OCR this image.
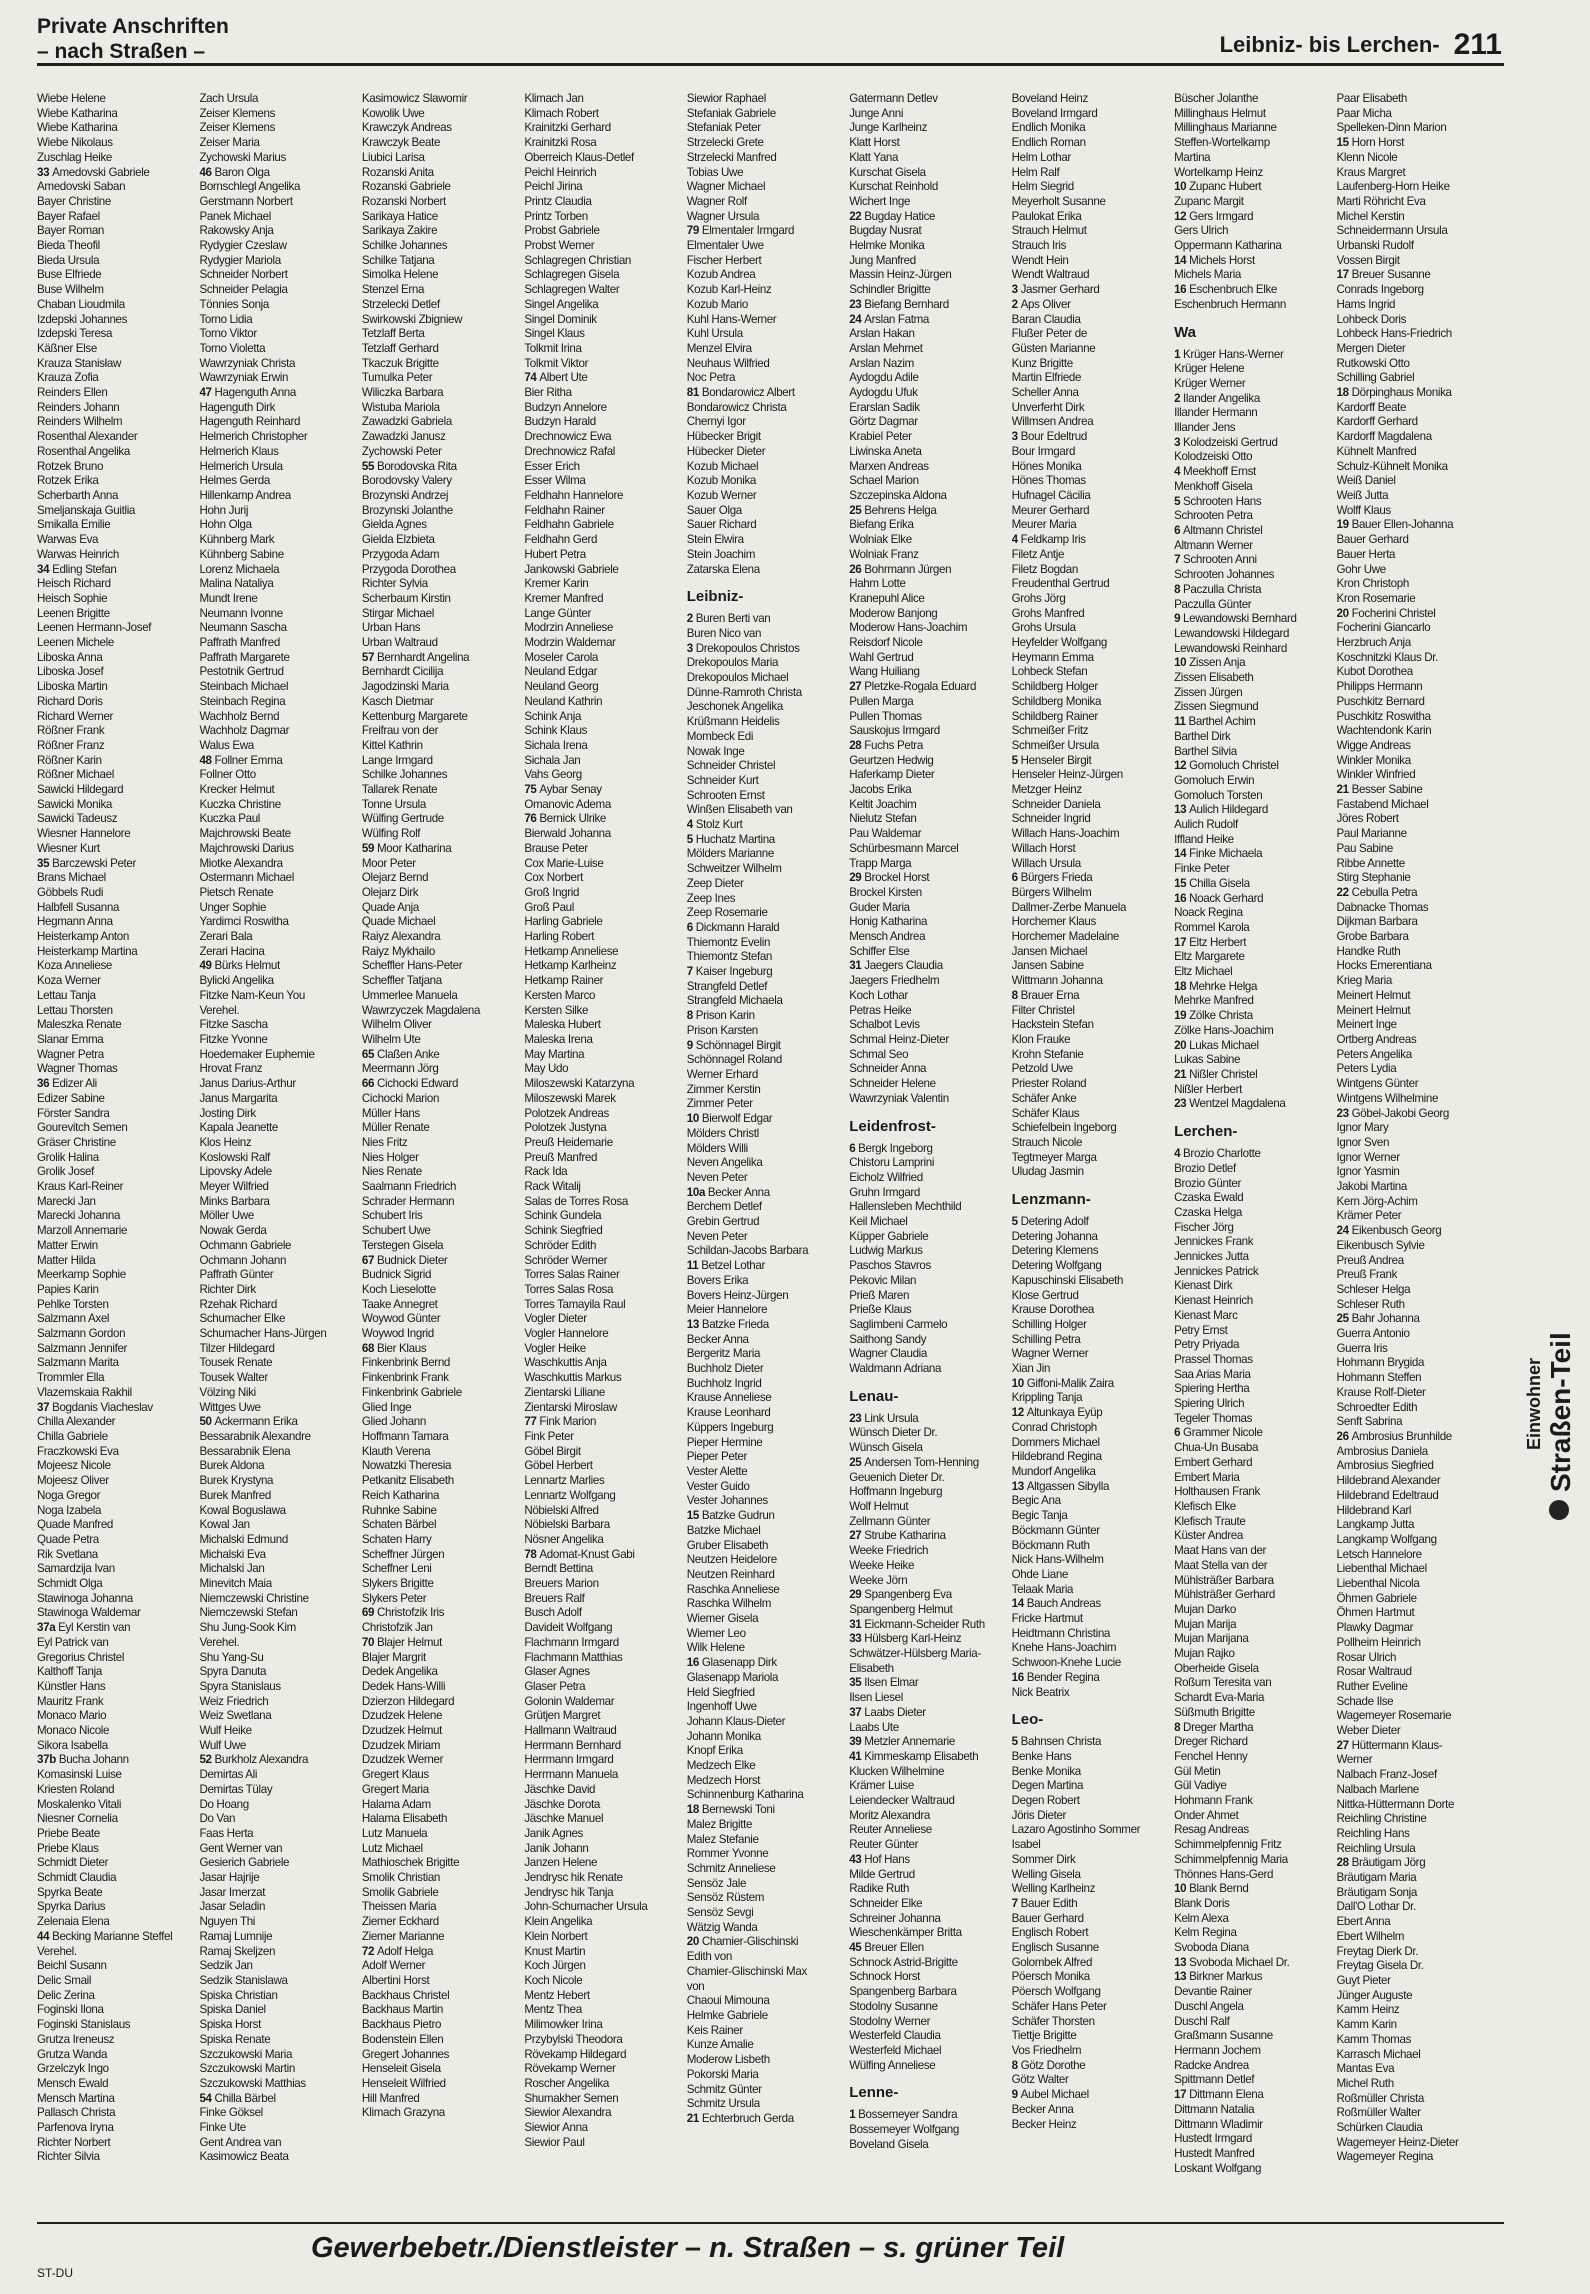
Private Anschriften
– nach Straßen –	Leibniz- bis Lerchen- 211
Wiebe Helene
Wiebe Katharina
Wiebe Katharina
Wiebe Nikolaus
Zuschlag Heike
33 Amedovski Gabriele
Amedovski Saban
Bayer Christine
Bayer Rafael
Bayer Roman
Bieda Theofil
Bieda Ursula
Buse Elfriede
Buse Wilhelm
Chaban Lioudmila
Izdepski Johannes
Izdepski Teresa
Käßner Else
Krauza Stanisław
Krauza Zofia
Reinders Ellen
Reinders Johann
Reinders Wilhelm
Rosenthal Alexander
Rosenthal Angelika
Rotzek Bruno
Rotzek Erika
Scherbarth Anna
Smeljanskaja Guitlia
Smikalla Emilie
Warwas Eva
Warwas Heinrich
34 Edling Stefan
Heisch Richard
Heisch Sophie
Leenen Brigitte
Leenen Hermann-Josef
Leenen Michele
Liboska Anna
Liboska Josef
Liboska Martin
Richard Doris
Richard Werner
Rößner Frank
Rößner Franz
Rößner Karin
Rößner Michael
Sawicki Hildegard
Sawicki Monika
Sawicki Tadeusz
Wiesner Hannelore
Wiesner Kurt
35 Barczewski Peter
Brans Michael
Göbbels Rudi
Halbfell Susanna
Hegmann Anna
Heisterkamp Anton
Heisterkamp Martina
Koza Anneliese
Koza Werner
Lettau Tanja
Lettau Thorsten
Maleszka Renate
Slanar Emma
Wagner Petra
Wagner Thomas
36 Edizer Ali
Edizer Sabine
Förster Sandra
Gourevitch Semen
Gräser Christine
Grolik Halina
Grolik Josef
Kraus Karl-Reiner
Marecki Jan
Marecki Johanna
Marzoll Annemarie
Matter Erwin
Matter Hilda
Meerkamp Sophie
Papies Karin
Pehlke Torsten
Salzmann Axel
Salzmann Gordon
Salzmann Jennifer
Salzmann Marita
Trommler Ella
Vlazemskaia Rakhil
37 Bogdanis Viacheslav
Chilla Alexander
Chilla Gabriele
Fraczkowski Eva
Mojeesz Nicole
Mojeesz Oliver
Noga Gregor
Noga Izabela
Quade Manfred
Quade Petra
Rik Svetlana
Samardzija Ivan
Schmidt Olga
Stawinoga Johanna
Stawinoga Waldemar
37a Eyl Kerstin van
Eyl Patrick van
Gregorius Christel
Kalthoff Tanja
Künstler Hans
Mauritz Frank
Monaco Mario
Monaco Nicole
Sikora Isabella
37b Bucha Johann
Komasinski Luise
Kriesten Roland
Moskalenko Vitali
Niesner Cornelia
Priebe Beate
Priebe Klaus
Schmidt Dieter
Schmidt Claudia
Spyrka Beate
Spyrka Darius
Zelenaia Elena
44 Becking Marianne Steffel
Verehel.
Beichl Susann
Delic Smail
Delic Zerina
Foginski Ilona
Foginski Stanislaus
Grutza Ireneusz
Grutza Wanda
Grzelczyk Ingo
Mensch Ewald
Mensch Martina
Pallasch Christa
Parfenova Iryna
Richter Norbert
Richter Silvia
Zach Ursula
Zeiser Klemens
Zeiser Klemens
Zeiser Maria
Zychowski Marius
46 Baron Olga
Bornschlegl Angelika
Gerstmann Norbert
Panek Michael
Rakowsky Anja
Rydygier Czeslaw
Rydygier Mariola
Schneider Norbert
Schneider Pelagia
Tönnies Sonja
Torno Lidia
Torno Viktor
Torno Violetta
Wawrzyniak Christa
Wawrzyniak Erwin
47 Hagenguth Anna
Hagenguth Dirk
Hagenguth Reinhard
Helmerich Christopher
Helmerich Klaus
Helmerich Ursula
Helmes Gerda
Hillenkamp Andrea
Hohn Jurij
Hohn Olga
Kühnberg Mark
Kühnberg Sabine
Lorenz Michaela
Malina Nataliya
Mundt Irene
Neumann Ivonne
Neumann Sascha
Paffrath Manfred
Paffrath Margarete
Pestotnik Gertrud
Steinbach Michael
Steinbach Regina
Wachholz Bernd
Wachholz Dagmar
Walus Ewa
48 Follner Emma
Follner Otto
Krecker Helmut
Kuczka Christine
Kuczka Paul
Majchrowski Beate
Majchrowski Darius
Miotke Alexandra
Ostermann Michael
Pietsch Renate
Unger Sophie
Yardimci Roswitha
Zerari Bala
Zerari Hacina
49 Bürks Helmut
Bylicki Angelika
Fitzke Nam-Keun You
Verehel.
Fitzke Sascha
Fitzke Yvonne
Hoedemaker Euphemie
Hrovat Franz
Janus Darius-Arthur
Janus Margarita
Josting Dirk
Kapala Jeanette
Klos Heinz
Koslowski Ralf
Lipovsky Adele
Meyer Wilfried
Minks Barbara
Möller Uwe
Nowak Gerda
Ochmann Gabriele
Ochmann Johann
Paffrath Günter
Richter Dirk
Rzehak Richard
Schumacher Elke
Schumacher Hans-Jürgen
Tilzer Hildegard
Tousek Renate
Tousek Walter
Völzing Niki
Wittges Uwe
50 Ackermann Erika
Bessarabnik Alexandre
Bessarabnik Elena
Burek Aldona
Burek Krystyna
Burek Manfred
Kowal Boguslawa
Kowal Jan
Michalski Edmund
Michalski Eva
Michalski Jan
Minevitch Maia
Niemczewski Christine
Niemczewski Stefan
Shu Jung-Sook Kim
Verehel.
Shu Yang-Su
Spyra Danuta
Spyra Stanislaus
Weiz Friedrich
Weiz Swetlana
Wulf Heike
Wulf Uwe
52 Burkholz Alexandra
Demirtas Ali
Demirtas Tülay
Do Hoang
Do Van
Faas Herta
Gent Werner van
Gesierich Gabriele
Jasar Hajrije
Jasar Imerzat
Jasar Seladin
Nguyen Thi
Ramaj Lumnije
Ramaj Skeljzen
Sedzik Jan
Sedzik Stanislawa
Spiska Christian
Spiska Daniel
Spiska Horst
Spiska Renate
Szczukowski Maria
Szczukowski Martin
Szczukowski Matthias
54 Chilla Bärbel
Finke Göksel
Finke Ute
Gent Andrea van
Kasimowicz Beata
Kasimowicz Slawomir
Kowolik Uwe
Krawczyk Andreas
Krawczyk Beate
Liubici Larisa
Rozanski Anita
Rozanski Gabriele
Rozanski Norbert
Sarikaya Hatice
Sarikaya Zakire
Schilke Johannes
Schilke Tatjana
Simolka Helene
Stenzel Erna
Strzelecki Detlef
Swirkowski Zbigniew
Tetzlaff Berta
Tetzlaff Gerhard
Tkaczuk Brigitte
Tumulka Peter
Wiliczka Barbara
Wistuba Mariola
Zawadzki Gabriela
Zawadzki Janusz
Zychowski Peter
55 Borodovska Rita
Borodovsky Valery
Brozynski Andrzej
Brozynski Jolanthe
Gielda Agnes
Gielda Elzbieta
Przygoda Adam
Przygoda Dorothea
Richter Sylvia
Scherbaum Kirstin
Stirgar Michael
Urban Hans
Urban Waltraud
57 Bernhardt Angelina
Bernhardt Cicilija
Jagodzinski Maria
Kasch Dietmar
Kettenburg Margarete
Freifrau von der
Kittel Kathrin
Lange Irmgard
Schilke Johannes
Tallarek Renate
Tonne Ursula
Wülfing Gertrude
Wülfing Rolf
59 Moor Katharina
Moor Peter
Olejarz Bernd
Olejarz Dirk
Quade Anja
Quade Michael
Raiyz Alexandra
Raiyz Mykhailo
Scheffler Hans-Peter
Scheffler Tatjana
Ummerlee Manuela
Wawrzyczek Magdalena
Wilhelm Oliver
Wilhelm Ute
65 Claßen Anke
Meermann Jörg
66 Cichocki Edward
Cichocki Marion
Müller Hans
Müller Renate
Nies Fritz
Nies Holger
Nies Renate
Saalmann Friedrich
Schrader Hermann
Schubert Iris
Schubert Uwe
Terstegen Gisela
67 Budnick Dieter
Budnick Sigrid
Koch Lieselotte
Taake Annegret
Woywod Günter
Woywod Ingrid
68 Bier Klaus
Finkenbrink Bernd
Finkenbrink Frank
Finkenbrink Gabriele
Glied Inge
Glied Johann
Hoffmann Tamara
Klauth Verena
Nowatzki Theresia
Petkanitz Elisabeth
Reich Katharina
Ruhnke Sabine
Schaten Bärbel
Schaten Harry
Scheffner Jürgen
Scheffner Leni
Slykers Brigitte
Slykers Peter
69 Christofzik Iris
Christofzik Jan
70 Blajer Helmut
Blajer Margrit
Dedek Angelika
Dedek Hans-Willi
Dzierzon Hildegard
Dzudzek Helene
Dzudzek Helmut
Dzudzek Miriam
Dzudzek Werner
Gregert Klaus
Gregert Maria
Halama Adam
Halama Elisabeth
Lutz Manuela
Lutz Michael
Mathioschek Brigitte
Smolik Christian
Smolik Gabriele
Theissen Maria
Ziemer Eckhard
Ziemer Marianne
72 Adolf Helga
Adolf Werner
Albertini Horst
Backhaus Christel
Backhaus Martin
Backhaus Pietro
Bodenstein Ellen
Gregert Johannes
Henseleit Gisela
Henseleit Wilfried
Hill Manfred
Klimach Grazyna
Klimach Jan
Klimach Robert
Krainitzki Gerhard
Krainitzki Rosa
Oberreich Klaus-Detlef
Peichl Heinrich
Peichl Jirina
Printz Claudia
Printz Torben
Probst Gabriele
Probst Werner
Schlagregen Christian
Schlagregen Gisela
Schlagregen Walter
Singel Angelika
Singel Dominik
Singel Klaus
Tolkmit Irina
Tolkmit Viktor
74 Albert Ute
Bier Ritha
Budzyn Annelore
Budzyn Harald
Drechnowicz Ewa
Drechnowicz Rafal
Esser Erich
Esser Wilma
Feldhahn Hannelore
Feldhahn Rainer
Feldhahn Gabriele
Feldhahn Gerd
Hubert Petra
Jankowski Gabriele
Kremer Karin
Kremer Manfred
Lange Günter
Modrzin Anneliese
Modrzin Waldemar
Moseler Carola
Neuland Edgar
Neuland Georg
Neuland Kathrin
Schink Anja
Schink Klaus
Sichala Irena
Sichala Jan
Vahs Georg
75 Aybar Senay
Omanovic Adema
76 Bernick Ulrike
Bierwald Johanna
Brause Peter
Cox Marie-Luise
Cox Norbert
Groß Ingrid
Groß Paul
Harling Gabriele
Harling Robert
Hetkamp Anneliese
Hetkamp Karlheinz
Hetkamp Rainer
Kersten Marco
Kersten Silke
Maleska Hubert
Maleska Irena
May Martina
May Udo
Miloszewski Katarzyna
Miloszewski Marek
Polotzek Andreas
Polotzek Justyna
Preuß Heidemarie
Preuß Manfred
Rack Ida
Rack Witalij
Salas de Torres Rosa
Schink Gundela
Schink Siegfried
Schröder Edith
Schröder Werner
Torres Salas Rainer
Torres Salas Rosa
Torres Tamayila Raul
Vogler Dieter
Vogler Hannelore
Vogler Heike
Waschkuttis Anja
Waschkuttis Markus
Zientarski Liliane
Zientarski Miroslaw
77 Fink Marion
Fink Peter
Göbel Birgit
Göbel Herbert
Lennartz Marlies
Lennartz Wolfgang
Nöbielski Alfred
Nöbielski Barbara
Nösner Angelika
78 Adomat-Knust Gabi
Berndt Bettina
Breuers Marion
Breuers Ralf
Busch Adolf
Davideit Wolfgang
Flachmann Irmgard
Flachmann Matthias
Glaser Agnes
Glaser Petra
Golonin Waldemar
Grütjen Margret
Hallmann Waltraud
Herrmann Bernhard
Herrmann Irmgard
Herrmann Manuela
Jäschke David
Jäschke Dorota
Jäschke Manuel
Janik Agnes
Janik Johann
Janzen Helene
Jendrysc hik Renate
Jendrysc hik Tanja
John-Schumacher Ursula
Klein Angelika
Klein Norbert
Knust Martin
Koch Jürgen
Koch Nicole
Mentz Hebert
Mentz Thea
Milimowker Irina
Przybylski Theodora
Rövekamp Hildegard
Rövekamp Werner
Roscher Angelika
Shumakher Semen
Siewior Alexandra
Siewior Anna
Siewior Paul
Siewior Raphael
Stefaniak Gabriele
Stefaniak Peter
Strzelecki Grete
Strzelecki Manfred
Tobias Uwe
Wagner Michael
Wagner Rolf
Wagner Ursula
79 Elmentaler Irmgard
Elmentaler Uwe
Fischer Herbert
Kozub Andrea
Kozub Karl-Heinz
Kozub Mario
Kuhl Hans-Werner
Kuhl Ursula
Menzel Elvira
Neuhaus Wilfried
Noc Petra
81 Bondarowicz Albert
Bondarowicz Christa
Chernyi Igor
Hübecker Brigit
Hübecker Dieter
Kozub Michael
Kozub Monika
Kozub Werner
Sauer Olga
Sauer Richard
Stein Elwira
Stein Joachim
Zatarska Elena
Leibniz-
2 Buren Berti van
Buren Nico van
3 Drekopoulos Christos
Drekopoulos Maria
Drekopoulos Michael
Dünne-Ramroth Christa
Jeschonek Angelika
Krüßmann Heidelis
Mombeck Edi
Nowak Inge
Schneider Christel
Schneider Kurt
Schrooten Ernst
Winßen Elisabeth van
4 Stolz Kurt
5 Huchatz Martina
Mölders Marianne
Schweitzer Wilhelm
Zeep Dieter
Zeep Ines
Zeep Rosemarie
6 Dickmann Harald
Thiemontz Evelin
Thiemontz Stefan
7 Kaiser Ingeburg
Strangfeld Detlef
Strangfeld Michaela
8 Prison Karin
Prison Karsten
9 Schönnagel Birgit
Schönnagel Roland
Werner Erhard
Zimmer Kerstin
Zimmer Peter
10 Bierwolf Edgar
Mölders Christl
Mölders Willi
Neven Angelika
Neven Peter
10a Becker Anna
Berchem Detlef
Grebin Gertrud
Neven Peter
Schildan-Jacobs Barbara
11 Betzel Lothar
Bovers Erika
Bovers Heinz-Jürgen
Meier Hannelore
13 Batzke Frieda
Becker Anna
Bergeritz Maria
Buchholz Dieter
Buchholz Ingrid
Krause Anneliese
Krause Leonhard
Küppers Ingeburg
Pieper Hermine
Pieper Peter
Vester Alette
Vester Guido
Vester Johannes
15 Batzke Gudrun
Batzke Michael
Gruber Elisabeth
Neutzen Heidelore
Neutzen Reinhard
Raschka Anneliese
Raschka Wilhelm
Wiemer Gisela
Wiemer Leo
Wilk Helene
16 Glasenapp Dirk
Glasenapp Mariola
Held Siegfried
Ingenhoff Uwe
Johann Klaus-Dieter
Johann Monika
Knopf Erika
Medzech Elke
Medzech Horst
Schinnenburg Katharina
18 Bernewski Toni
Malez Brigitte
Malez Stefanie
Rommer Yvonne
Schmitz Anneliese
Sensöz Jale
Sensöz Rüstem
Sensöz Sevgi
Wätzig Wanda
20 Chamier-Glischinski
Edith von
Chamier-Glischinski Max
von
Chaoui Mimouna
Helmke Gabriele
Keis Rainer
Kunze Amalie
Moderow Lisbeth
Pokorski Maria
Schmitz Günter
Schmitz Ursula
21 Echterbruch Gerda
Gatermann Detlev
Junge Anni
Junge Karlheinz
Klatt Horst
Klatt Yana
Kurschat Gisela
Kurschat Reinhold
Wichert Inge
22 Bugday Hatice
Bugday Nusrat
Helmke Monika
Jung Manfred
Massin Heinz-Jürgen
Schindler Brigitte
23 Biefang Bernhard
24 Arslan Fatma
Arslan Hakan
Arslan Mehmet
Arslan Nazim
Aydogdu Adile
Aydogdu Ufuk
Erarslan Sadik
Görtz Dagmar
Krabiel Peter
Liwinska Aneta
Marxen Andreas
Schael Marion
Szczepinska Aldona
25 Behrens Helga
Biefang Erika
Wolniak Elke
Wolniak Franz
26 Bohrmann Jürgen
Hahm Lotte
Kranepuhl Alice
Moderow Banjong
Moderow Hans-Joachim
Reisdorf Nicole
Wahl Gertrud
Wang Huiliang
27 Pletzke-Rogala Eduard
Pullen Marga
Pullen Thomas
Sauskojus Irmgard
28 Fuchs Petra
Geurtzen Hedwig
Haferkamp Dieter
Jacobs Erika
Keltit Joachim
Nielutz Stefan
Pau Waldemar
Schürbesmann Marcel
Trapp Marga
29 Brockel Horst
Brockel Kirsten
Guder Maria
Honig Katharina
Mensch Andrea
Schiffer Else
31 Jaegers Claudia
Jaegers Friedhelm
Koch Lothar
Petras Heike
Schalbot Levis
Schmal Heinz-Dieter
Schmal Seo
Schneider Anna
Schneider Helene
Wawrzyniak Valentin
Leidenfrost-
6 Bergk Ingeborg
Chistoru Lamprini
Eicholz Wilfried
Gruhn Irmgard
Hallensleben Mechthild
Keil Michael
Küpper Gabriele
Ludwig Markus
Paschos Stavros
Pekovic Milan
Prieß Maren
Prieße Klaus
Saglimbeni Carmelo
Saithong Sandy
Wagner Claudia
Waldmann Adriana
Lenau-
23 Link Ursula
Wünsch Dieter Dr.
Wünsch Gisela
25 Andersen Tom-Henning
Geuenich Dieter Dr.
Hoffmann Ingeburg
Wolf Helmut
Zellmann Günter
27 Strube Katharina
Weeke Friedrich
Weeke Heike
Weeke Jörn
29 Spangenberg Eva
Spangenberg Helmut
31 Eickmann-Scheider Ruth
33 Hülsberg Karl-Heinz
Schwätzer-Hülsberg Maria-
Elisabeth
35 Ilsen Elmar
Ilsen Liesel
37 Laabs Dieter
Laabs Ute
39 Metzler Annemarie
41 Kimmeskamp Elisabeth
Klucken Wilhelmine
Krämer Luise
Leiendecker Waltraud
Moritz Alexandra
Reuter Anneliese
Reuter Günter
43 Hof Hans
Milde Gertrud
Radike Ruth
Schneider Elke
Schreiner Johanna
Wieschenkämper Britta
45 Breuer Ellen
Schnock Astrid-Brigitte
Schnock Horst
Spangenberg Barbara
Stodolny Susanne
Stodolny Werner
Westerfeld Claudia
Westerfeld Michael
Wülfing Anneliese
Lenne-
1 Bossemeyer Sandra
Bossemeyer Wolfgang
Boveland Gisela
Boveland Heinz
Boveland Irmgard
Endlich Monika
Endlich Roman
Helm Lothar
Helm Ralf
Helm Siegrid
Meyerholt Susanne
Paulokat Erika
Strauch Helmut
Strauch Iris
Wendt Hein
Wendt Waltraud
3 Jasmer Gerhard
2 Aps Oliver
Baran Claudia
Flußer Peter de
Güsten Marianne
Kunz Brigitte
Martin Elfriede
Scheller Anna
Unverferht Dirk
Willmsen Andrea
3 Bour Edeltrud
Bour Irmgard
Hönes Monika
Hönes Thomas
Hufnagel Cäcilia
Meurer Gerhard
Meurer Maria
4 Feldkamp Iris
Filetz Antje
Filetz Bogdan
Freudenthal Gertrud
Grohs Jörg
Grohs Manfred
Grohs Ursula
Heyfelder Wolfgang
Heymann Emma
Lohbeck Stefan
Schildberg Holger
Schildberg Monika
Schildberg Rainer
Schmeißer Fritz
Schmeißer Ursula
5 Henseler Birgit
Henseler Heinz-Jürgen
Metzger Heinz
Schneider Daniela
Schneider Ingrid
Willach Hans-Joachim
Willach Horst
Willach Ursula
6 Bürgers Frieda
Bürgers Wilhelm
Dallmer-Zerbe Manuela
Horchemer Klaus
Horchemer Madelaine
Jansen Michael
Jansen Sabine
Wittmann Johanna
8 Brauer Erna
Filter Christel
Hackstein Stefan
Klon Frauke
Krohn Stefanie
Petzold Uwe
Priester Roland
Schäfer Anke
Schäfer Klaus
Schiefelbein Ingeborg
Strauch Nicole
Tegtmeyer Marga
Uludag Jasmin
Lenzmann-
5 Detering Adolf
Detering Johanna
Detering Klemens
Detering Wolfgang
Kapuschinski Elisabeth
Klose Gertrud
Krause Dorothea
Schilling Holger
Schilling Petra
Wagner Werner
Xian Jin
10 Giffoni-Malik Zaira
Krippling Tanja
12 Altunkaya Eyüp
Conrad Christoph
Dommers Michael
Hildebrand Regina
Mundorf Angelika
13 Altgassen Sibylla
Begic Ana
Begic Tanja
Böckmann Günter
Böckmann Ruth
Nick Hans-Wilhelm
Ohde Liane
Telaak Maria
14 Bauch Andreas
Fricke Hartmut
Heidtmann Christina
Knehe Hans-Joachim
Schwoon-Knehe Lucie
16 Bender Regina
Nick Beatrix
Leo-
5 Bahnsen Christa
Benke Hans
Benke Monika
Degen Martina
Degen Robert
Jöris Dieter
Lazaro Agostinho Sommer
Isabel
Sommer Dirk
Welling Gisela
Welling Karlheinz
7 Bauer Edith
Bauer Gerhard
Englisch Robert
Englisch Susanne
Golombek Alfred
Pöersch Monika
Pöersch Wolfgang
Schäfer Hans Peter
Schäfer Thorsten
Tiettje Brigitte
Vos Friedhelm
8 Götz Dorothe
Götz Walter
9 Aubel Michael
Becker Anna
Becker Heinz
Büscher Jolanthe
Millinghaus Helmut
Millinghaus Marianne
Steffen-Wortelkamp
Martina
Wortelkamp Heinz
10 Zupanc Hubert
Zupanc Margit
12 Gers Irmgard
Gers Ulrich
Oppermann Katharina
14 Michels Horst
Michels Maria
16 Eschenbruch Elke
Eschenbruch Hermann
Wa
1 Krüger Hans-Werner
Krüger Helene
Krüger Werner
2 Ilander Angelika
Illander Hermann
Illander Jens
3 Kolodzeiski Gertrud
Kolodzeiski Otto
4 Meekhoff Ernst
Menkhoff Gisela
5 Schrooten Hans
Schrooten Petra
6 Altmann Christel
Altmann Werner
7 Schrooten Anni
Schrooten Johannes
8 Paczulla Christa
Paczulla Günter
9 Lewandowski Bernhard
Lewandowski Hildegard
Lewandowski Reinhard
10 Zissen Anja
Zissen Elisabeth
Zissen Jürgen
Zissen Siegmund
11 Barthel Achim
Barthel Dirk
Barthel Silvia
12 Gomoluch Christel
Gomoluch Erwin
Gomoluch Torsten
13 Aulich Hildegard
Aulich Rudolf
Iffland Heike
14 Finke Michaela
Finke Peter
15 Chilla Gisela
16 Noack Gerhard
Noack Regina
Rommel Karola
17 Eltz Herbert
Eltz Margarete
Eltz Michael
18 Mehrke Helga
Mehrke Manfred
19 Zölke Christa
Zölke Hans-Joachim
20 Lukas Michael
Lukas Sabine
21 Nißler Christel
Nißler Herbert
23 Wentzel Magdalena
Lerchen-
4 Brozio Charlotte
Brozio Detlef
Brozio Günter
Czaska Ewald
Czaska Helga
Fischer Jörg
Jennickes Frank
Jennickes Jutta
Jennickes Patrick
Kienast Dirk
Kienast Heinrich
Kienast Marc
Petry Ernst
Petry Priyada
Prassel Thomas
Saa Arias Maria
Spiering Hertha
Spiering Ulrich
Tegeler Thomas
6 Grammer Nicole
Chua-Un Busaba
Embert Gerhard
Embert Maria
Holthausen Frank
Klefisch Elke
Klefisch Traute
Küster Andrea
Maat Hans van der
Maat Stella van der
Mühlsträßer Barbara
Mühlsträßer Gerhard
Mujan Darko
Mujan Marija
Mujan Marijana
Mujan Rajko
Oberheide Gisela
Roßum Teresita van
Schardt Eva-Maria
Süßmuth Brigitte
8 Dreger Martha
Dreger Richard
Fenchel Henny
Gül Metin
Gül Vadiye
Hohmann Frank
Onder Ahmet
Resag Andreas
Schimmelpfennig Fritz
Schimmelpfennig Maria
Thönnes Hans-Gerd
10 Blank Bernd
Blank Doris
Kelm Alexa
Kelm Regina
Svoboda Diana
13 Svoboda Michael Dr.
13 Birkner Markus
Devantie Rainer
Duschl Angela
Duschl Ralf
Graßmann Susanne
Hermann Jochem
Radcke Andrea
Spittmann Detlef
17 Dittmann Elena
Dittmann Natalia
Dittmann Wladimir
Hustedt Irmgard
Hustedt Manfred
Loskant Wolfgang
Paar Elisabeth
Paar Micha
Spelleken-Dinn Marion
15 Horn Horst
Klenn Nicole
Kraus Margret
Laufenberg-Horn Heike
Marti Röhricht Eva
Michel Kerstin
Schneidermann Ursula
Urbanski Rudolf
Vossen Birgit
17 Breuer Susanne
Conrads Ingeborg
Hams Ingrid
Lohbeck Doris
Lohbeck Hans-Friedrich
Mergen Dieter
Rutkowski Otto
Schilling Gabriel
18 Dörpinghaus Monika
Kardorff Beate
Kardorff Gerhard
Kardorff Magdalena
Kühnelt Manfred
Schulz-Kühnelt Monika
Weiß Daniel
Weiß Jutta
Wolff Klaus
19 Bauer Ellen-Johanna
Bauer Gerhard
Bauer Herta
Gohr Uwe
Kron Christoph
Kron Rosemarie
20 Focherini Christel
Focherini Giancarlo
Herzbruch Anja
Koschnitzki Klaus Dr.
Kubot Dorothea
Philipps Hermann
Puschkitz Bernard
Puschkitz Roswitha
Wachtendonk Karin
Wigge Andreas
Winkler Monika
Winkler Winfried
21 Besser Sabine
Fastabend Michael
Jöres Robert
Paul Marianne
Pau Sabine
Ribbe Annette
Stirg Stephanie
22 Cebulla Petra
Dabnacke Thomas
Dijkman Barbara
Grobe Barbara
Handke Ruth
Hocks Emerentiana
Krieg Maria
Meinert Helmut
Meinert Helmut
Meinert Inge
Ortberg Andreas
Peters Angelika
Peters Lydia
Wintgens Günter
Wintgens Wilhelmine
23 Göbel-Jakobi Georg
Ignor Mary
Ignor Sven
Ignor Werner
Ignor Yasmin
Jakobi Martina
Kern Jörg-Achim
Krämer Peter
24 Eikenbusch Georg
Eikenbusch Sylvie
Preuß Andrea
Preuß Frank
Schleser Helga
Schleser Ruth
25 Bahr Johanna
Guerra Antonio
Guerra Iris
Hohmann Brygida
Hohmann Steffen
Krause Rolf-Dieter
Schroedter Edith
Senft Sabrina
26 Ambrosius Brunhilde
Ambrosius Daniela
Ambrosius Siegfried
Hildebrand Alexander
Hildebrand Edeltraud
Hildebrand Karl
Langkamp Jutta
Langkamp Wolfgang
Letsch Hannelore
Liebenthal Michael
Liebenthal Nicola
Öhmen Gabriele
Öhmen Hartmut
Plawky Dagmar
Pollheim Heinrich
Rosar Ulrich
Rosar Waltraud
Ruther Eveline
Schade Ilse
Wagemeyer Rosemarie
Weber Dieter
27 Hüttermann Klaus-
Werner
Nalbach Franz-Josef
Nalbach Marlene
Nittka-Hüttermann Dorte
Reichling Christine
Reichling Hans
Reichling Ursula
28 Bräutigam Jörg
Bräutigam Maria
Bräutigam Sonja
Dall'O Lothar Dr.
Ebert Anna
Ebert Wilhelm
Freytag Dierk Dr.
Freytag Gisela Dr.
Guyt Pieter
Jünger Auguste
Kamm Heinz
Kamm Karin
Kamm Thomas
Karrasch Michael
Mantas Eva
Michel Ruth
Roßmüller Christa
Roßmüller Walter
Schürken Claudia
Wagemeyer Heinz-Dieter
Wagemeyer Regina
Einwohner Straßen-Teil
Gewerbebetr./Dienstleister – n. Straßen – s. grüner Teil
ST-DU
